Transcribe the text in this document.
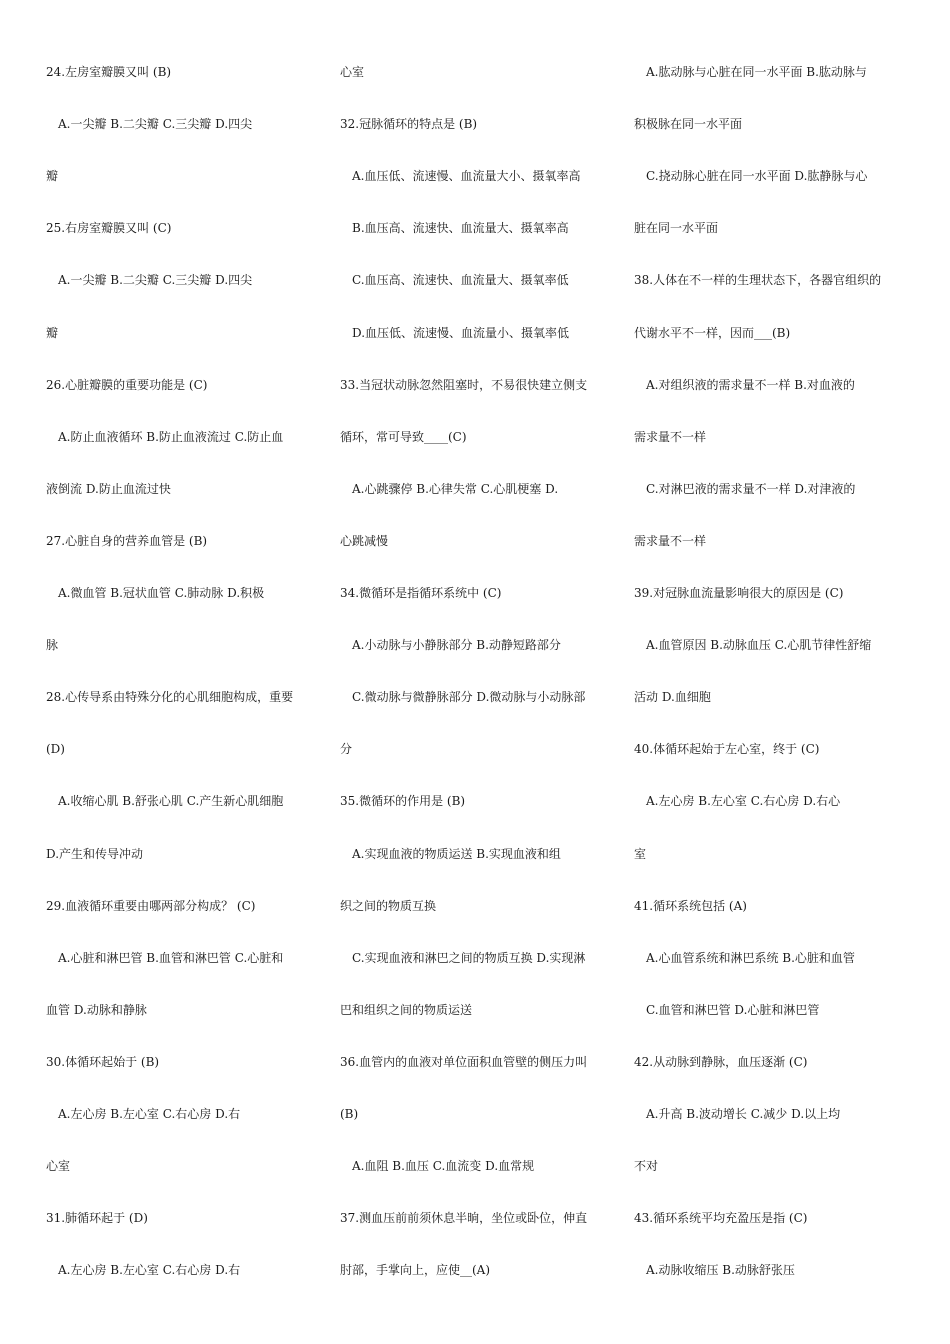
24.左房室瓣膜又叫 (B)
A.一尖瓣 B.二尖瓣 C.三尖瓣 D.四尖
瓣
25.右房室瓣膜又叫 (C)
A.一尖瓣 B.二尖瓣 C.三尖瓣 D.四尖
瓣
26.心脏瓣膜的重要功能是 (C)
A.防止血液循环 B.防止血液流过 C.防止血
液倒流 D.防止血流过快
27.心脏自身的营养血管是 (B)
A.微血管 B.冠状血管 C.肺动脉 D.积极
脉
28.心传导系由特殊分化的心肌细胞构成，重要
(D)
A.收缩心肌 B.舒张心肌 C.产生新心肌细胞
D.产生和传导冲动
29.血液循环重要由哪两部分构成？ (C)
A.心脏和淋巴管 B.血管和淋巴管 C.心脏和
血管 D.动脉和静脉
30.体循环起始于 (B)
A.左心房 B.左心室 C.右心房 D.右
心室
31.肺循环起于 (D)
A.左心房 B.左心室 C.右心房 D.右
心室
32.冠脉循环的特点是 (B)
A.血压低、流速慢、血流量大小、摄氧率高
B.血压高、流速快、血流量大、摄氧率高
C.血压高、流速快、血流量大、摄氧率低
D.血压低、流速慢、血流量小、摄氧率低
33.当冠状动脉忽然阻塞时，不易很快建立侧支
循环，常可导致____(C)
A.心跳骤停 B.心律失常 C.心肌梗塞 D.
心跳减慢
34.微循环是指循环系统中 (C)
A.小动脉与小静脉部分 B.动静短路部分
C.微动脉与微静脉部分 D.微动脉与小动脉部
分
35.微循环的作用是 (B)
A.实现血液的物质运送 B.实现血液和组
织之间的物质互换
C.实现血液和淋巴之间的物质互换 D.实现淋
巴和组织之间的物质运送
36.血管内的血液对单位面积血管壁的侧压力叫
(B)
A.血阻 B.血压 C.血流变 D.血常规
37.测血压前前须休息半晌，坐位或卧位，伸直
肘部，手掌向上，应使__(A)
A.肱动脉与心脏在同一水平面 B.肱动脉与
积极脉在同一水平面
C.挠动脉心脏在同一水平面 D.肱静脉与心
脏在同一水平面
38.人体在不一样的生理状态下，各器官组织的
代谢水平不一样，因而___(B)
A.对组织液的需求量不一样 B.对血液的
需求量不一样
C.对淋巴液的需求量不一样 D.对津液的
需求量不一样
39.对冠脉血流量影响很大的原因是 (C)
A.血管原因 B.动脉血压 C.心肌节律性舒缩
活动 D.血细胞
40.体循环起始于左心室，终于 (C)
A.左心房 B.左心室 C.右心房 D.右心
室
41.循环系统包括 (A)
A.心血管系统和淋巴系统 B.心脏和血管
C.血管和淋巴管 D.心脏和淋巴管
42.从动脉到静脉，血压逐渐 (C)
A.升高 B.波动增长 C.减少 D.以上均
不对
43.循环系统平均充盈压是指 (C)
A.动脉收缩压 B.动脉舒张压
